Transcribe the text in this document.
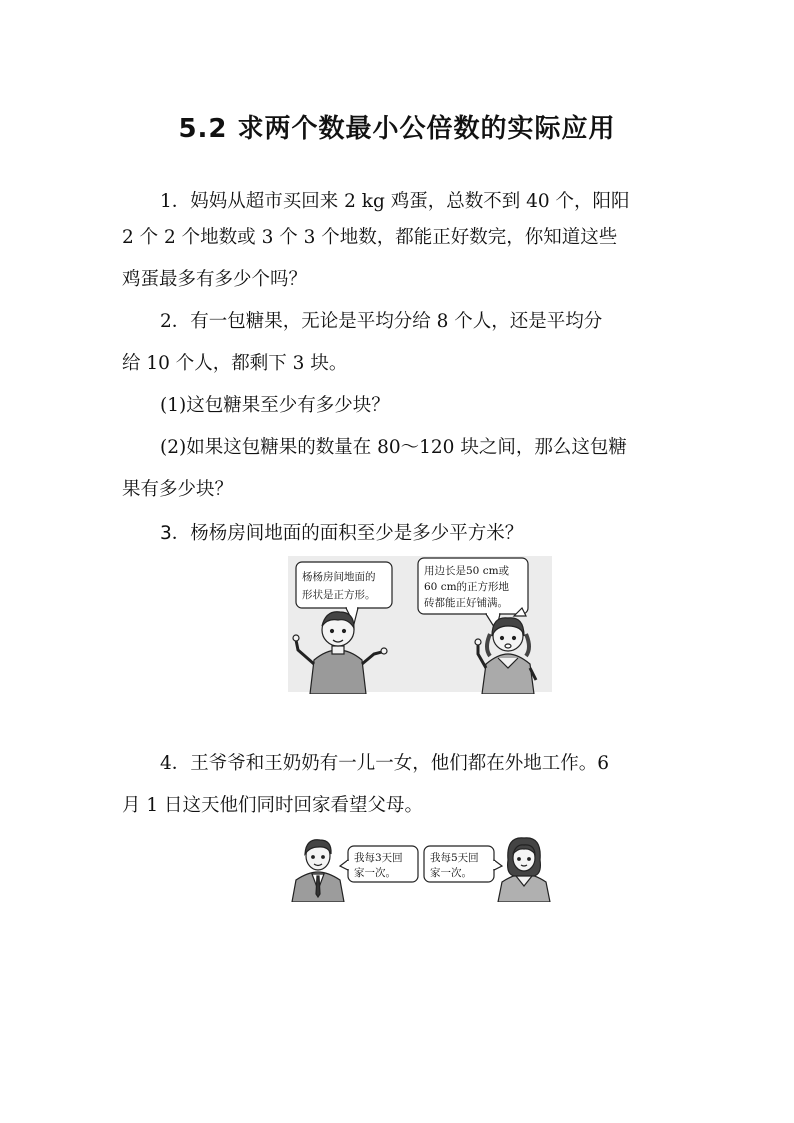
5.2 求两个数最小公倍数的实际应用

1．妈妈从超市买回来 2 kg 鸡蛋，总数不到 40 个，阳阳

2 个 2 个地数或 3 个 3 个地数，都能正好数完，你知道这些

鸡蛋最多有多少个吗？

2．有一包糖果，无论是平均分给 8 个人，还是平均分

给 10 个人，都剩下 3 块。

(1)这包糖果至少有多少块？

(2)如果这包糖果的数量在 80～120 块之间，那么这包糖

果有多少块？

3．杨杨房间地面的面积至少是多少平方米？

杨杨房间地面的
形状是正方形。
用边长是50 cm或
60 cm的正方形地
砖都能正好铺满。

4．王爷爷和王奶奶有一儿一女，他们都在外地工作。6

月 1 日这天他们同时回家看望父母。

我每3天回
家一次。
我每5天回
家一次。
